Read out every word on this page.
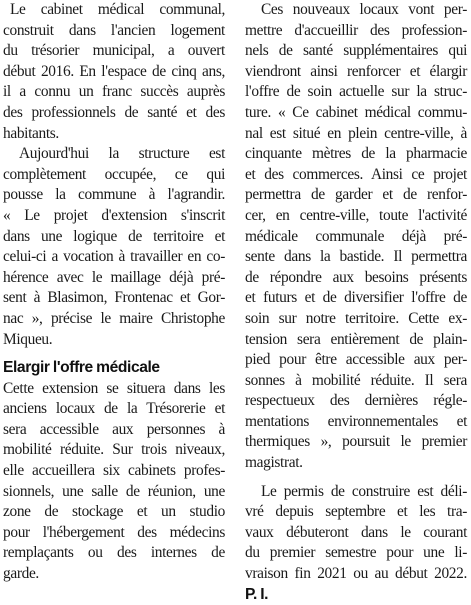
Le cabinet médical communal,
construit dans l'ancien logement
du trésorier municipal, a ouvert
début 2016. En l'espace de cinq ans,
il a connu un franc succès auprès
des professionnels de santé et des
habitants.
Aujourd'hui la structure est
complètement occupée, ce qui
pousse la commune à l'agrandir.
« Le projet d'extension s'inscrit
dans une logique de territoire et
celui-ci a vocation à travailler en co-
hérence avec le maillage déjà pré-
sent à Blasimon, Frontenac et Gor-
nac », précise le maire Christophe
Miqueu.
Elargir l'offre médicale
Cette extension se situera dans les
anciens locaux de la Trésorerie et
sera accessible aux personnes à
mobilité réduite. Sur trois niveaux,
elle accueillera six cabinets profes-
sionnels, une salle de réunion, une
zone de stockage et un studio
pour l'hébergement des médecins
remplaçants ou des internes de
garde.
Ces nouveaux locaux vont per-
mettre d'accueillir des profession-
nels de santé supplémentaires qui
viendront ainsi renforcer et élargir
l'offre de soin actuelle sur la struc-
ture. « Ce cabinet médical commu-
nal est situé en plein centre-ville, à
cinquante mètres de la pharmacie
et des commerces. Ainsi ce projet
permettra de garder et de renfor-
cer, en centre-ville, toute l'activité
médicale communale déjà pré-
sente dans la bastide. Il permettra
de répondre aux besoins présents
et futurs et de diversifier l'offre de
soin sur notre territoire. Cette ex-
tension sera entièrement de plain-
pied pour être accessible aux per-
sonnes à mobilité réduite. Il sera
respectueux des dernières régle-
mentations environnementales et
thermiques », poursuit le premier
magistrat.
Le permis de construire est déli-
vré depuis septembre et les tra-
vaux débuteront dans le courant
du premier semestre pour une li-
vraison fin 2021 ou au début 2022.
P. I.
